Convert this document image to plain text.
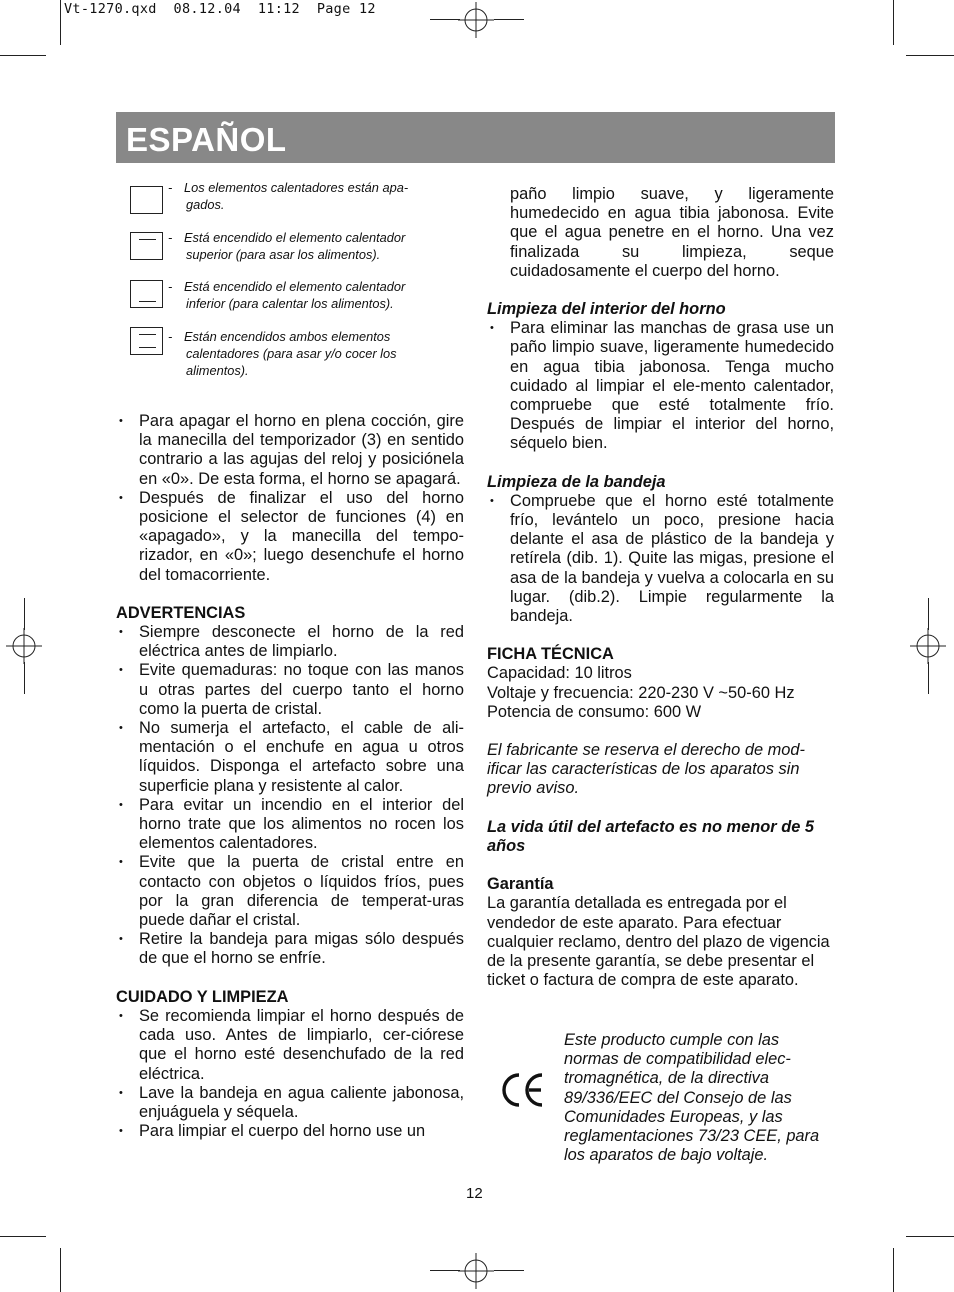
Vt-1270.qxd  08.12.04  11:12  Page 12
ESPAÑOL
- Los elementos calentadores están apa-
gados.
- Está encendido el elemento calentador
superior (para asar los alimentos).
- Está encendido el elemento calentador
inferior (para calentar los alimentos).
- Están encendidos ambos elementos
calentadores (para asar y/o cocer los
alimentos).
• Para apagar el horno en plena cocción, gire la manecilla del temporizador (3) en sentido contrario a las agujas del reloj y posiciónela en «0». De esta forma, el horno se apagará.
• Después de finalizar el uso del horno posicione el selector de funciones (4) en «apagado», y la manecilla del tempo-rizador, en «0»; luego desenchufe el horno del tomacorriente.

ADVERTENCIAS

• Siempre desconecte el horno de la red eléctrica antes de limpiarlo.
• Evite quemaduras: no toque con las manos u otras partes del cuerpo tanto el horno como la puerta de cristal.
• No sumerja el artefacto, el cable de ali-mentación o el enchufe en agua u otros líquidos. Disponga el artefacto sobre una superficie plana y resistente al calor.
• Para evitar un incendio en el interior del horno trate que los alimentos no rocen los elementos calentadores.
• Evite que la puerta de cristal entre en contacto con objetos o líquidos fríos, pues por la gran diferencia de temperat-uras puede dañar el cristal.
• Retire la bandeja para migas sólo después de que el horno se enfríe.

CUIDADO Y LIMPIEZA

• Se recomienda limpiar el horno después de cada uso. Antes de limpiarlo, cer-ciórese que el horno esté desenchufado de la red eléctrica.
• Lave la bandeja en agua caliente jabonosa, enjuáguela y séquela.
• Para limpiar el cuerpo del horno use un

paño limpio suave, y ligeramente humedecido en agua tibia jabonosa. Evite que el agua penetre en el horno. Una vez finalizada su limpieza, seque cuidadosamente el cuerpo del horno.

Limpieza del interior del horno

• Para eliminar las manchas de grasa use un paño limpio suave, ligeramente humedecido en agua tibia jabonosa. Tenga mucho cuidado al limpiar el ele-mento calentador, compruebe que esté totalmente frío. Después de limpiar el interior del horno, séquelo bien.

Limpieza de la bandeja

• Compruebe que el horno esté totalmente frío, levántelo un poco, presione hacia delante el asa de plástico de la bandeja y retírela (dib. 1). Quite las migas, presione el asa de la bandeja y vuelva a colocarla en su lugar. (dib.2). Limpie regularmente la bandeja.

FICHA TÉCNICA

Capacidad: 10 litros

Voltaje y frecuencia: 220-230 V ~50-60 Hz

Potencia de consumo: 600 W

El fabricante se reserva el derecho de mod-ificar las características de los aparatos sin previo aviso.

La vida útil del artefacto es no menor de 5 años

Garantía

La garantía detallada es entregada por el vendedor de este aparato. Para efectuar cualquier reclamo, dentro del plazo de vigencia de la presente garantía, se debe presentar el ticket o factura de compra de este aparato.

Este producto cumple con las normas de compatibilidad elec-tromagnética, de la directiva 89/336/EEC del Consejo de las Comunidades Europeas, y las reglamentaciones 73/23 CEE, para los aparatos de bajo voltaje.
12
